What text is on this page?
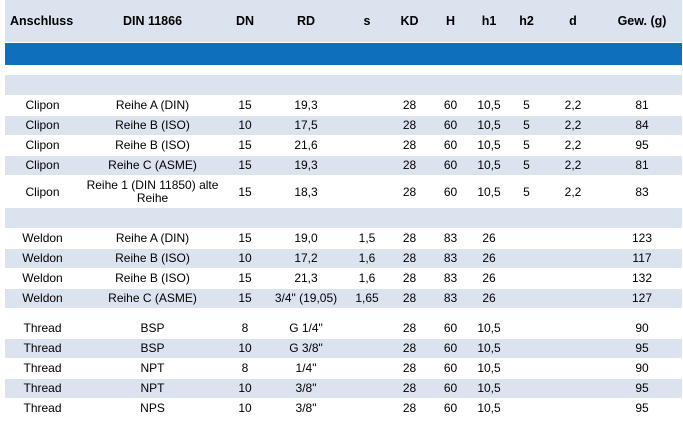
Anschluss	DIN 11866	DN	RD	s	KD	H	h1	h2	d	Gew. (g)

Clipon	Reihe A (DIN)	15	19,3		28	60	10,5	5	2,2	81
Clipon	Reihe B (ISO)	10	17,5		28	60	10,5	5	2,2	84
Clipon	Reihe B (ISO)	15	21,6		28	60	10,5	5	2,2	95
Clipon	Reihe C (ASME)	15	19,3		28	60	10,5	5	2,2	81
Clipon	Reihe 1 (DIN 11850) alte Reihe	15	18,3		28	60	10,5	5	2,2	83

Weldon	Reihe A (DIN)	15	19,0	1,5	28	83	26			123
Weldon	Reihe B (ISO)	10	17,2	1,6	28	83	26			117
Weldon	Reihe B (ISO)	15	21,3	1,6	28	83	26			132
Weldon	Reihe C (ASME)	15	3/4" (19,05)	1,65	28	83	26			127

Thread	BSP	8	G 1/4"		28	60	10,5			90
Thread	BSP	10	G 3/8"		28	60	10,5			95
Thread	NPT	8	1/4"		28	60	10,5			90
Thread	NPT	10	3/8"		28	60	10,5			95
Thread	NPS	10	3/8"		28	60	10,5			95
